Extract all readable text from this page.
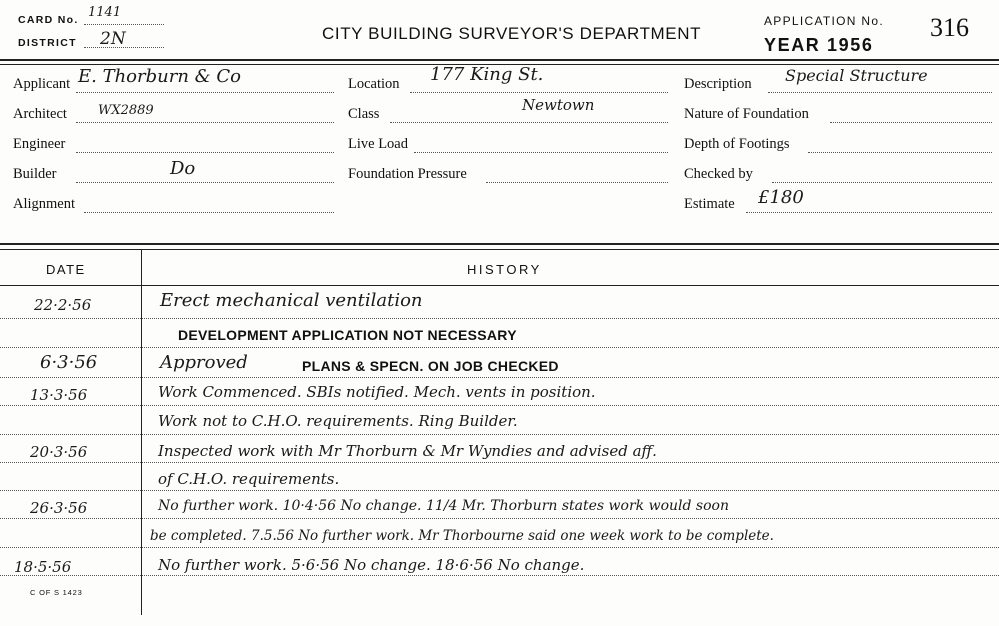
CARD No. 1141
DISTRICT 2N	CITY BUILDING SURVEYOR'S DEPARTMENT
APPLICATION No. 316
YEAR 1956
Applicant E. Thorburn & Co
Architect WX2889
Engineer
Builder	Do
Alignment
Location 177 King St.
Class	Newtown
Live Load
Foundation Pressure
Description Special Structure
Nature of Foundation
Depth of Footings
Checked by
Estimate £180
DATE	HISTORY
22·2·56	Erect mechanical ventilation
DEVELOPMENT APPLICATION NOT NECESSARY
6·3·56	Approved	PLANS & SPECN. ON JOB CHECKED
13·3·56	Work Commenced. SBIs notified. Mech. vents in position.
Work not to C.H.O. requirements. Ring Builder.
20·3·56	Inspected work with Mr Thorburn & Mr Wyndies and advised aff.
of C.H.O. requirements.
26·3·56	No further work. 10·4·56 No change. 11/4 Mr. Thorburn states work would soon
be completed. 7.5.56 No further work. Mr Thorbourne said one week work to be complete.
18·5·56	No further work. 5·6·56 No change. 18·6·56 No change.
C OF S 1423
